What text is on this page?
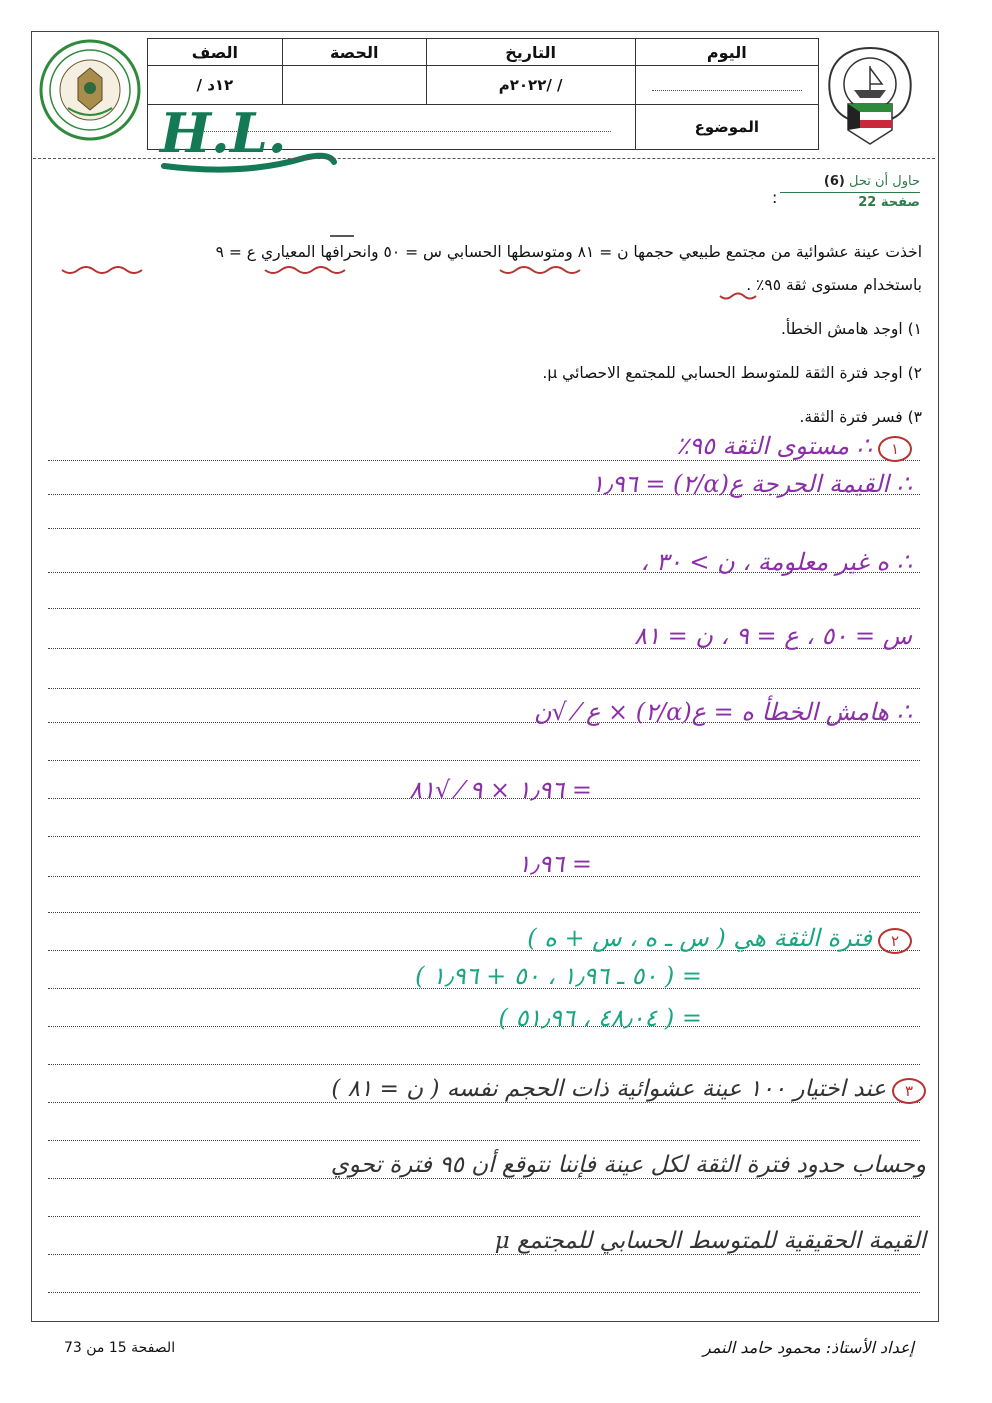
اليوم	التاريخ	الحصة	الصف
	/ /٢٠٢٢م		١٢د /
الموضوع			
H.L.
حاول أن تحل (6)
صفحة 22
:
اخذت عينة عشوائية من مجتمع طبيعي حجمها ن = ٨١ ومتوسطها الحسابي س = ٥٠ وانحرافها المعياري ع = ٩
باستخدام مستوى ثقة ٩٥٪ .
١) اوجد هامش الخطأ.
٢) اوجد فترة الثقة للمتوسط الحسابي للمجتمع الاحصائي μ.
٣) فسر فترة الثقة.
١∴ مستوى الثقة ٩٥٪
∴ القيمة الحرجة ع(α/٢) = ١٫٩٦
∴ ه غير معلومة ، ن > ٣٠ ،
س = ٥٠ ، ع = ٩ ، ن = ٨١
∴ هامش الخطأ ه = ع(α/٢) × ع ⁄ √ن
= ١٫٩٦ × ٩ ⁄ √٨١
= ١٫٩٦
٢فترة الثقة هي ( س ـ ه ، س + ه )
= ( ٥٠ ـ ١٫٩٦ ، ٥٠ + ١٫٩٦ )
= ( ٤٨٫٠٤ ، ٥١٫٩٦ )
٣عند اختيار ١٠٠ عينة عشوائية ذات الحجم نفسه ( ن = ٨١ )
وحساب حدود فترة الثقة لكل عينة فإننا نتوقع أن ٩٥ فترة تحوي
القيمة الحقيقية للمتوسط الحسابي للمجتمع μ
الصفحة 15 من 73	إعداد الأستاذ: محمود حامد النمر
